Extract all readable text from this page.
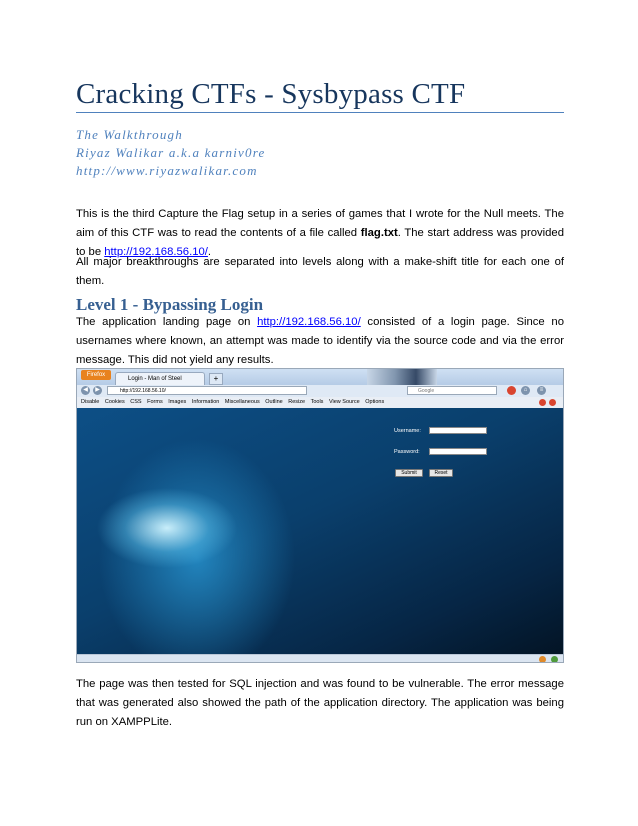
Cracking CTFs - Sysbypass CTF
The Walkthrough
Riyaz Walikar a.k.a karniv0re
http://www.riyazwalikar.com

This is the third Capture the Flag setup in a series of games that I wrote for the Null meets. The aim of this CTF was to read the contents of a file called flag.txt. The start address was provided to be http://192.168.56.10/.

All major breakthroughs are separated into levels along with a make-shift title for each one of them.

Level 1 - Bypassing Login

The application landing page on http://192.168.56.10/ consisted of a login page. Since no usernames where known, an attempt was made to identify via the source code and via the error message. This did not yield any results.

Firefox
Login - Man of Steel	+
◀	▶	http://192.168.56.10/	Google	⌂	≡
Disable Cookies CSS Forms Images Information Miscellaneous Outline Resize Tools View Source Options
Username:
Password:
Submit	Reset

The page was then tested for SQL injection and was found to be vulnerable. The error message that was generated also showed the path of the application directory. The application was being run on XAMPPLite.
